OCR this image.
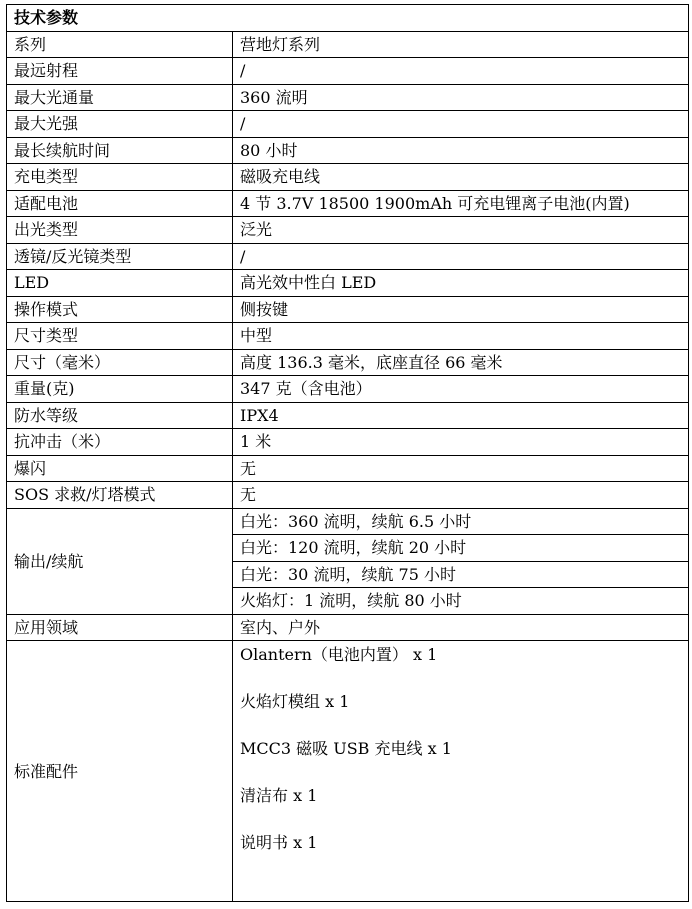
技术参数	
系列	营地灯系列
最远射程	/
最大光通量	360 流明
最大光强	/
最长续航时间	80 小时
充电类型	磁吸充电线
适配电池	4 节 3.7V 18500 1900mAh 可充电锂离子电池(内置)
出光类型	泛光
透镜/反光镜类型	/
LED	高光效中性白 LED
操作模式	侧按键
尺寸类型	中型
尺寸（毫米）	高度 136.3 毫米，底座直径 66 毫米
重量(克)	347 克（含电池）
防水等级	IPX4
抗冲击（米）	1 米
爆闪	无
SOS 求救/灯塔模式	无
输出/续航	白光：360 流明，续航 6.5 小时
	白光：120 流明，续航 20 小时
	白光：30 流明，续航 75 小时
	火焰灯：1 流明，续航 80 小时
应用领域	室内、户外
标准配件	Olantern（电池内置） x 1
火焰灯模组 x 1
MCC3 磁吸 USB 充电线 x 1
清洁布 x 1
说明书 x 1
